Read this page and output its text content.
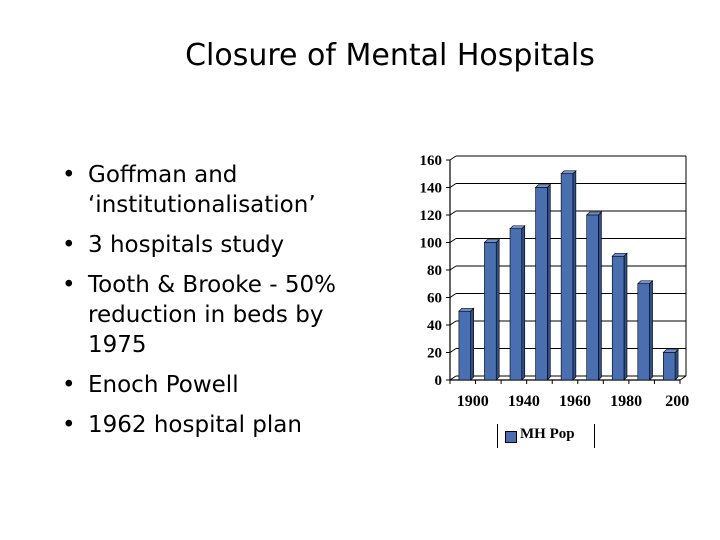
Closure of Mental Hospitals
• Goffman and
‘institutionalisation’
• 3 hospitals study
• Tooth & Brooke - 50%
reduction in beds by
1975
• Enoch Powell
• 1962 hospital plan
0
20
40
60
80
100
120
140
160
1900 1940 1960 1980 200
MH Pop
